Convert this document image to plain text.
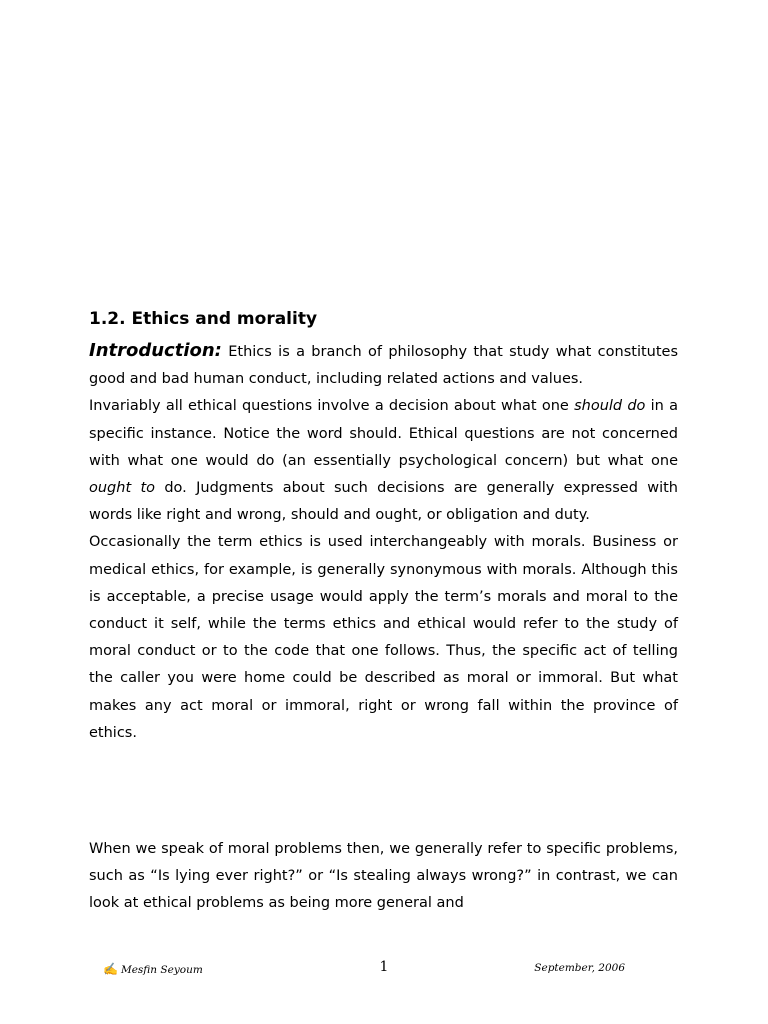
1.2. Ethics and morality

Introduction: Ethics is a branch of philosophy that study what constitutes good and bad human conduct, including related actions and values.

Invariably all ethical questions involve a decision about what one should do in a specific instance. Notice the word should. Ethical questions are not concerned with what one would do (an essentially psychological concern) but what one ought to do. Judgments about such decisions are generally expressed with words like right and wrong, should and ought, or obligation and duty.

Occasionally the term ethics is used interchangeably with morals. Business or medical ethics, for example, is generally synonymous with morals. Although this is acceptable, a precise usage would apply the term’s morals and moral to the conduct it self, while the terms ethics and ethical would refer to the study of moral conduct or to the code that one follows. Thus, the specific act of telling the caller you were home could be described as moral or immoral. But what makes any act moral or immoral, right or wrong fall within the province of ethics.

When we speak of moral problems then, we generally refer to specific problems, such as “Is lying ever right?” or “Is stealing always wrong?” in contrast, we can look at ethical problems as being more general and

✍ Mesfin Seyoum	1	September, 2006
